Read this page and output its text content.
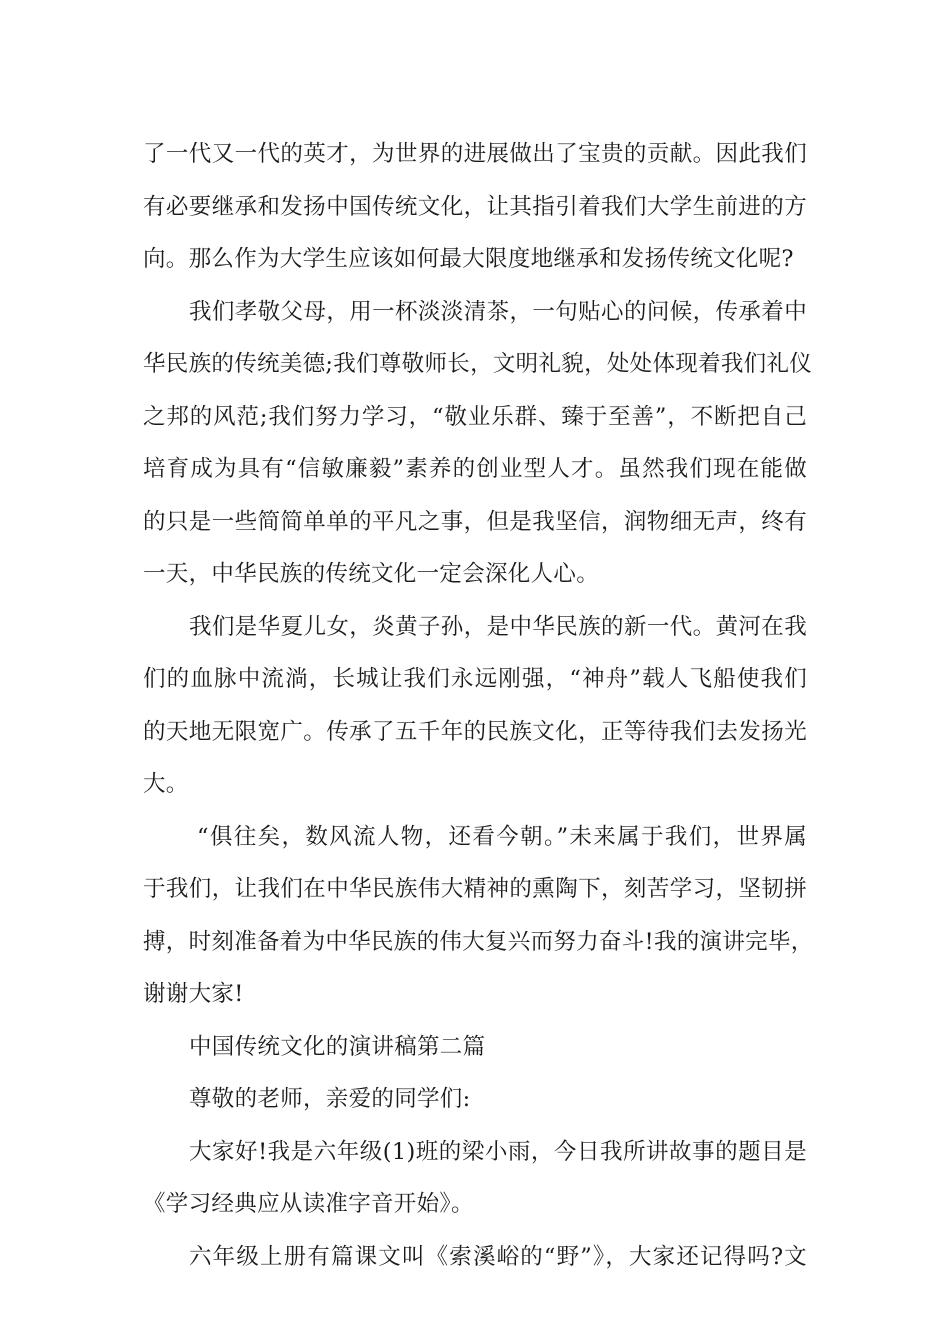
了一代又一代的英才，为世界的进展做出了宝贵的贡献。因此我们
有必要继承和发扬中国传统文化，让其指引着我们大学生前进的方
向。那么作为大学生应该如何最大限度地继承和发扬传统文化呢?
我们孝敬父母，用一杯淡淡清茶，一句贴心的问候，传承着中
华民族的传统美德;我们尊敬师长，文明礼貌，处处体现着我们礼仪
之邦的风范;我们努力学习，“敬业乐群、臻于至善”，不断把自己
培育成为具有“信敏廉毅”素养的创业型人才。虽然我们现在能做
的只是一些简简单单的平凡之事，但是我坚信，润物细无声，终有
一天，中华民族的传统文化一定会深化人心。
我们是华夏儿女，炎黄子孙，是中华民族的新一代。黄河在我
们的血脉中流淌，长城让我们永远刚强，“神舟”载人飞船使我们
的天地无限宽广。传承了五千年的民族文化，正等待我们去发扬光
大。
“俱往矣，数风流人物，还看今朝。”未来属于我们，世界属
于我们，让我们在中华民族伟大精神的熏陶下，刻苦学习，坚韧拼
搏，时刻准备着为中华民族的伟大复兴而努力奋斗!我的演讲完毕，
谢谢大家!
中国传统文化的演讲稿第二篇
尊敬的老师，亲爱的同学们:
大家好!我是六年级(1)班的梁小雨，今日我所讲故事的题目是
《学习经典应从读准字音开始》。
六年级上册有篇课文叫《索溪峪的“野”》，大家还记得吗?文
